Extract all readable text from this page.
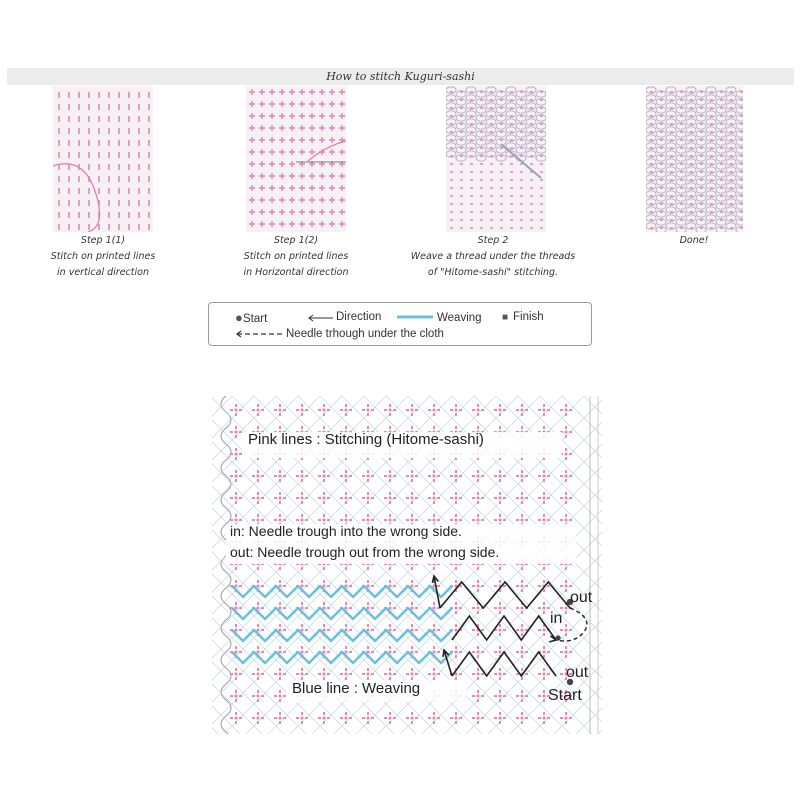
How to stitch Kuguri-sashi
Step 1(1)
Stitch on printed lines
in vertical direction
Step 1(2)
Stitch on printed lines
in Horizontal direction
Step 2
Weave a thread under the threads
of "Hitome-sashi" stitching.
Done!
● Start	Direction	Weaving ■ Finish
Needle trhough under the cloth
Pink lines : Stitching (Hitome-sashi)
in: Needle trough into the wrong side.
out: Needle trough out from the wrong side.
Blue line : Weaving
out
in
out
Start
